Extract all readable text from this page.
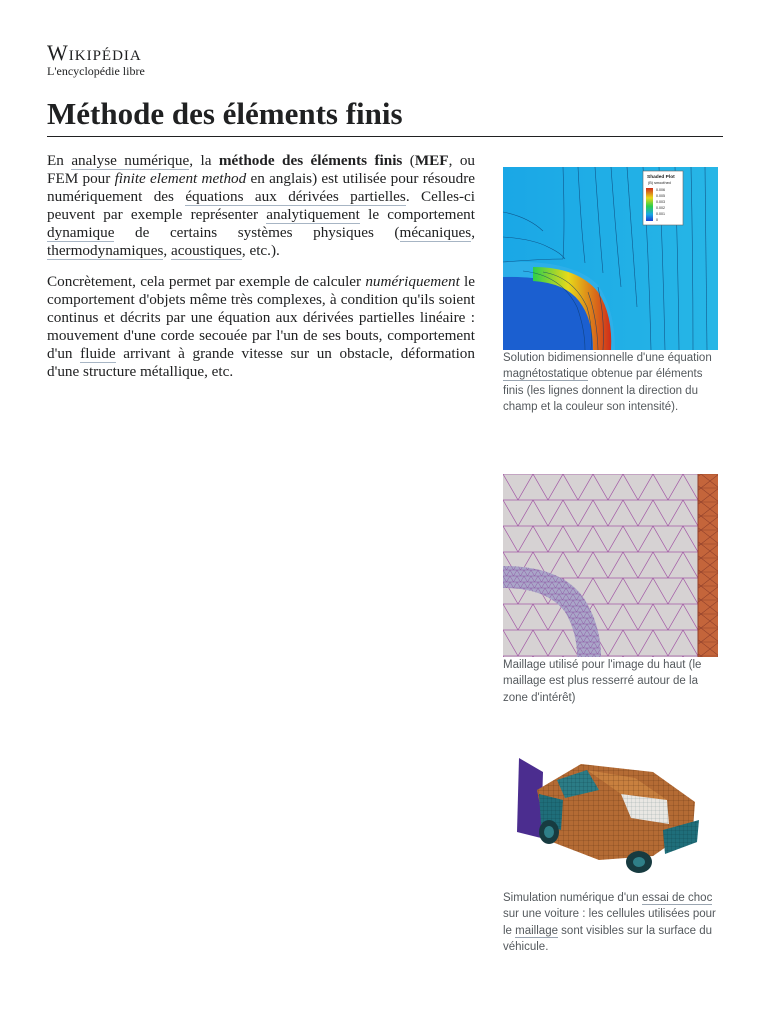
Wikipédia
L'encyclopédie libre
Méthode des éléments finis

En analyse numérique, la méthode des éléments finis (MEF, ou FEM pour finite element method en anglais) est utilisée pour résoudre numériquement des équations aux dérivées partielles. Celles-ci peuvent par exemple représenter analytiquement le comportement dynamique de certains systèmes physiques (mécaniques, thermodynamiques, acoustiques, etc.).

Concrètement, cela permet par exemple de calculer numériquement le comportement d'objets même très complexes, à condition qu'ils soient continus et décrits par une équation aux dérivées partielles linéaire : mouvement d'une corde secouée par l'un de ses bouts, comportement d'un fluide arrivant à grande vitesse sur un obstacle, déformation d'une structure métallique, etc.

Shaded Plot
(B) smoothed
0.006
0.005
0.003
0.002
0.001
0
Solution bidimensionnelle d'une équation magnétostatique obtenue par éléments finis (les lignes donnent la direction du champ et la couleur son intensité).
Maillage utilisé pour l'image du haut (le maillage est plus resserré autour de la zone d'intérêt)
Simulation numérique d'un essai de choc sur une voiture : les cellules utilisées pour le maillage sont visibles sur la surface du véhicule.
